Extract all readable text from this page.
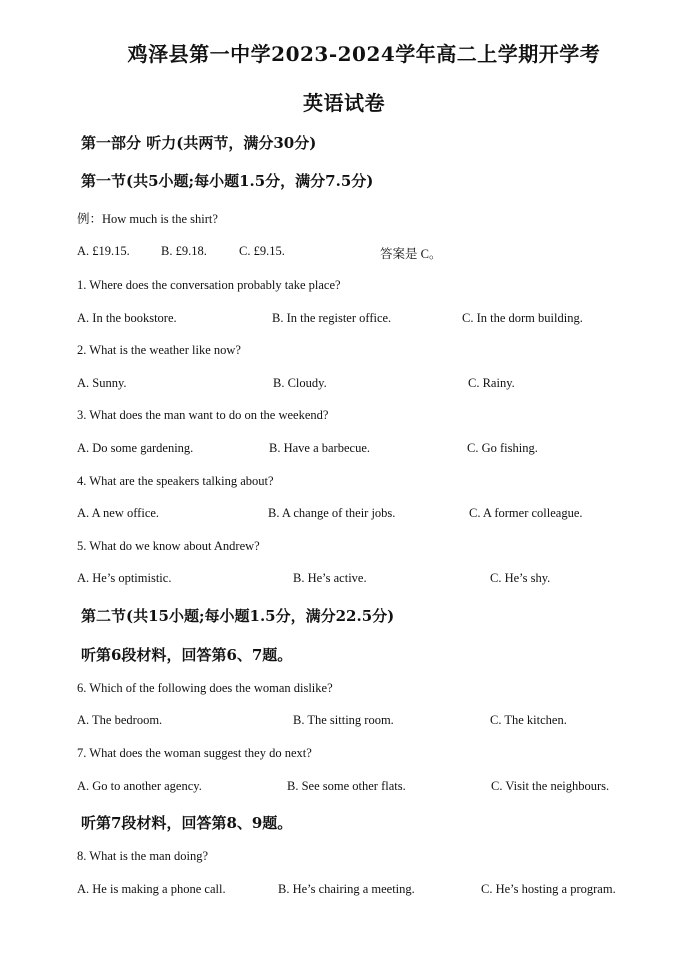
鸡泽县第一中学2023-2024学年高二上学期开学考
英语试卷
第一部分 听力(共两节，满分30分)
第一节(共5小题;每小题1.5分，满分7.5分)
例：How much is the shirt?
A. £19.15. B. £9.18.	C. £9.15.	答案是 C。
1. Where does the conversation probably take place?
A. In the bookstore.	B. In the register office.	C. In the dorm building.
2. What is the weather like now?
A. Sunny.	B. Cloudy.	C. Rainy.
3. What does the man want to do on the weekend?
A. Do some gardening.	B. Have a barbecue.	C. Go fishing.
4. What are the speakers talking about?
A. A new office.	B. A change of their jobs.	C. A former colleague.
5. What do we know about Andrew?
A. He’s optimistic.	B. He’s active.	C. He’s shy.
第二节(共15小题;每小题1.5分，满分22.5分)
听第6段材料，回答第6、7题。
6. Which of the following does the woman dislike?
A. The bedroom.	B. The sitting room.	C. The kitchen.
7. What does the woman suggest they do next?
A. Go to another agency.	B. See some other flats.	C. Visit the neighbours.
听第7段材料，回答第8、9题。
8. What is the man doing?
A. He is making a phone call.	B. He’s chairing a meeting.	C. He’s hosting a program.
